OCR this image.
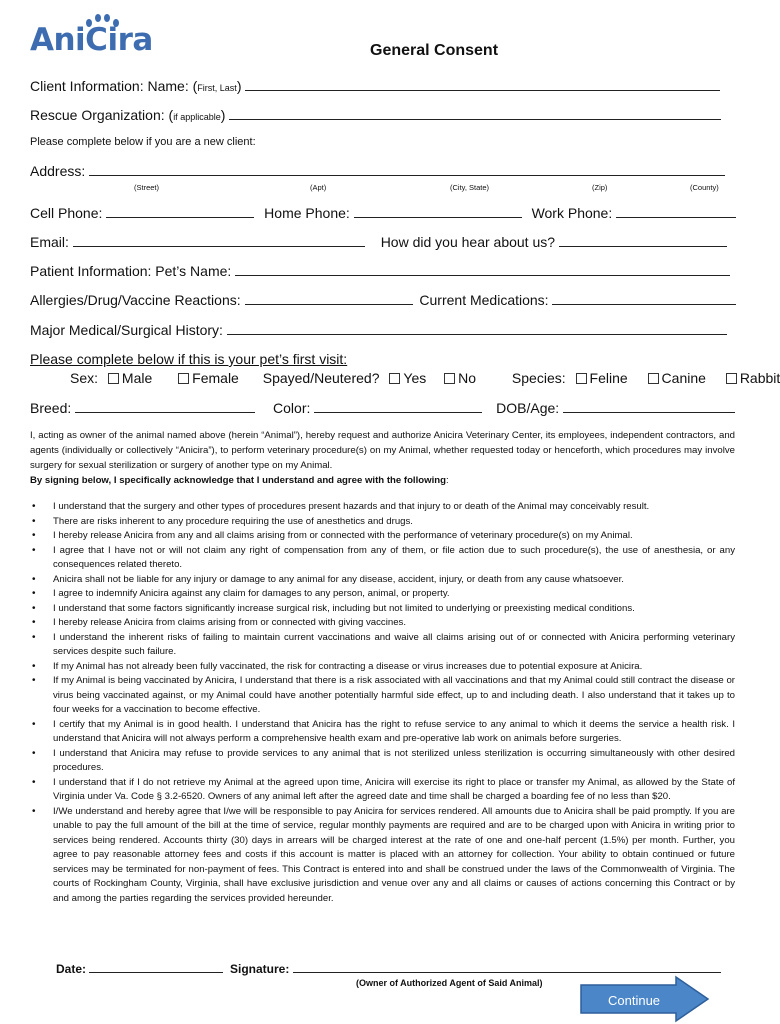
AniCira	General Consent
Client Information: Name: (First, Last)
Rescue Organization: (if applicable)
Please complete below if you are a new client:
Address:
(Street)	(Apt)	(City, State)	(Zip)	(County)
Cell Phone:	Home Phone:	Work Phone:
Email:	How did you hear about us?
Patient Information: Pet’s Name:
Allergies/Drug/Vaccine Reactions:	Current Medications:
Major Medical/Surgical History:
Please complete below if this is your pet’s first visit:
Sex: Male	Female Spayed/Neutered? Yes No	Species: Feline Canine Rabbit
Breed:	Color:	DOB/Age:
I, acting as owner of the animal named above (herein “Animal”), hereby request and authorize Anicira Veterinary Center, its employees, independent contractors, and agents (individually or collectively “Anicira”), to perform veterinary procedure(s) on my Animal, whether requested today or henceforth, which procedures may involve surgery for sexual sterilization or surgery of another type on my Animal.
By signing below, I specifically acknowledge that I understand and agree with the following:
• I understand that the surgery and other types of procedures present hazards and that injury to or death of the Animal may conceivably result.
• There are risks inherent to any procedure requiring the use of anesthetics and drugs.
• I hereby release Anicira from any and all claims arising from or connected with the performance of veterinary procedure(s) on my Animal.
• I agree that I have not or will not claim any right of compensation from any of them, or file action due to such procedure(s), the use of anesthesia, or any consequences related thereto.
• Anicira shall not be liable for any injury or damage to any animal for any disease, accident, injury, or death from any cause whatsoever.
• I agree to indemnify Anicira against any claim for damages to any person, animal, or property.
• I understand that some factors significantly increase surgical risk, including but not limited to underlying or preexisting medical conditions.
• I hereby release Anicira from claims arising from or connected with giving vaccines.
• I understand the inherent risks of failing to maintain current vaccinations and waive all claims arising out of or connected with Anicira performing veterinary services despite such failure.
• If my Animal has not already been fully vaccinated, the risk for contracting a disease or virus increases due to potential exposure at Anicira.
• If my Animal is being vaccinated by Anicira, I understand that there is a risk associated with all vaccinations and that my Animal could still contract the disease or virus being vaccinated against, or my Animal could have another potentially harmful side effect, up to and including death. I also understand that it takes up to four weeks for a vaccination to become effective.
• I certify that my Animal is in good health. I understand that Anicira has the right to refuse service to any animal to which it deems the service a health risk. I understand that Anicira will not always perform a comprehensive health exam and pre-operative lab work on animals before surgeries.
• I understand that Anicira may refuse to provide services to any animal that is not sterilized unless sterilization is occurring simultaneously with other desired procedures.
• I understand that if I do not retrieve my Animal at the agreed upon time, Anicira will exercise its right to place or transfer my Animal, as allowed by the State of Virginia under Va. Code § 3.2-6520. Owners of any animal left after the agreed date and time shall be charged a boarding fee of no less than $20.
• I/We understand and hereby agree that I/we will be responsible to pay Anicira for services rendered. All amounts due to Anicira shall be paid promptly. If you are unable to pay the full amount of the bill at the time of service, regular monthly payments are required and are to be charged upon with Anicira in writing prior to services being rendered. Accounts thirty (30) days in arrears will be charged interest at the rate of one and one-half percent (1.5%) per month. Further, you agree to pay reasonable attorney fees and costs if this account is matter is placed with an attorney for collection. Your ability to obtain continued or future services may be terminated for non-payment of fees. This Contract is entered into and shall be construed under the laws of the Commonwealth of Virginia. The courts of Rockingham County, Virginia, shall have exclusive jurisdiction and venue over any and all claims or causes of actions concerning this Contract or by and among the parties regarding the services provided hereunder.
Date:	Signature:
(Owner of Authorized Agent of Said Animal)
Continue
